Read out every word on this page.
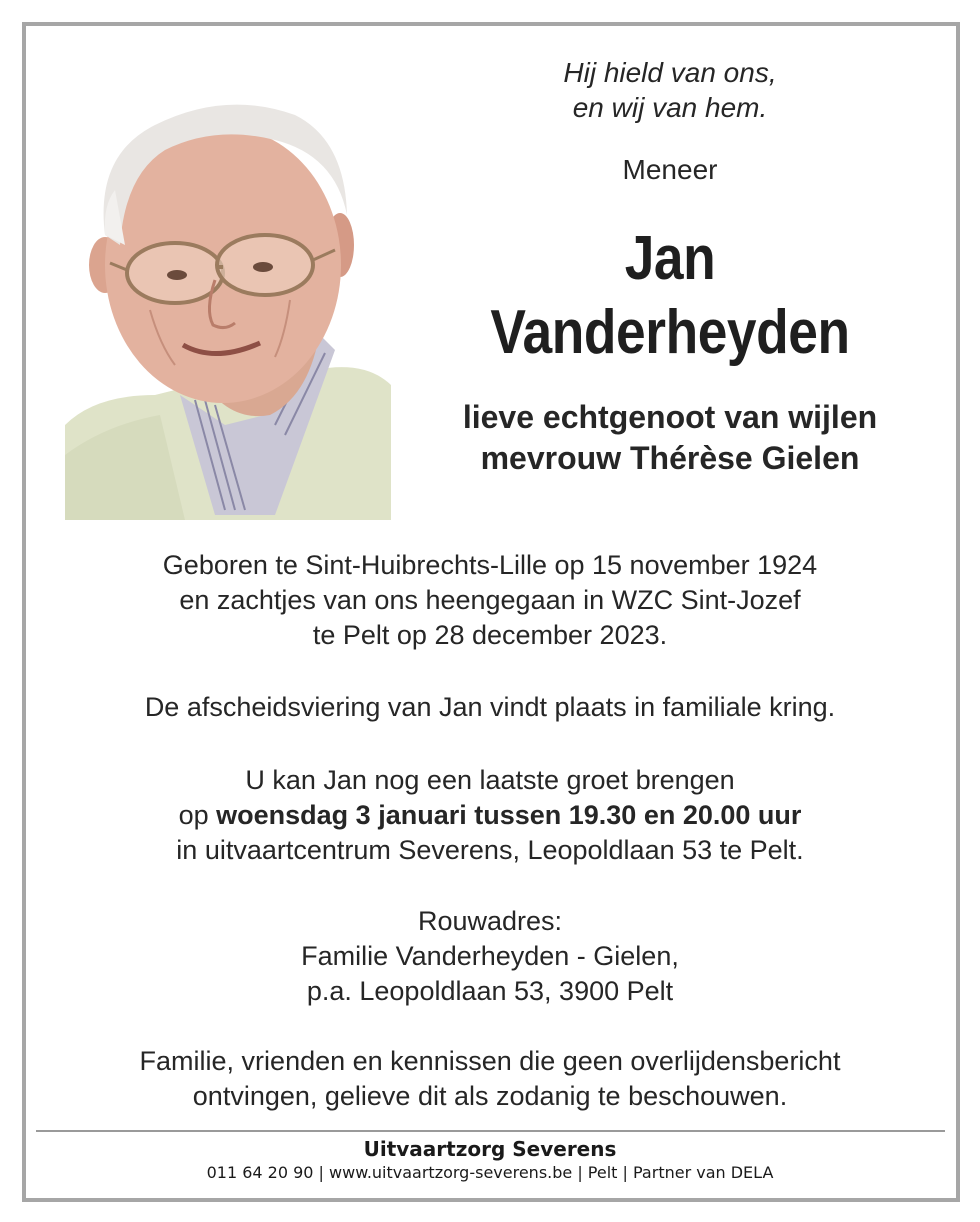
Hij hield van ons,
en wij van hem.
Meneer
Jan
Vanderheyden
lieve echtgenoot van wijlen
mevrouw Thérèse Gielen
Geboren te Sint-Huibrechts-Lille op 15 november 1924
en zachtjes van ons heengegaan in WZC Sint-Jozef
te Pelt op 28 december 2023.
De afscheidsviering van Jan vindt plaats in familiale kring.
U kan Jan nog een laatste groet brengen
op woensdag 3 januari tussen 19.30 en 20.00 uur
in uitvaartcentrum Severens, Leopoldlaan 53 te Pelt.
Rouwadres:
Familie Vanderheyden - Gielen,
p.a. Leopoldlaan 53, 3900 Pelt
Familie, vrienden en kennissen die geen overlijdensbericht
ontvingen, gelieve dit als zodanig te beschouwen.
Uitvaartzorg Severens
011 64 20 90 | www.uitvaartzorg-severens.be | Pelt | Partner van DELA
